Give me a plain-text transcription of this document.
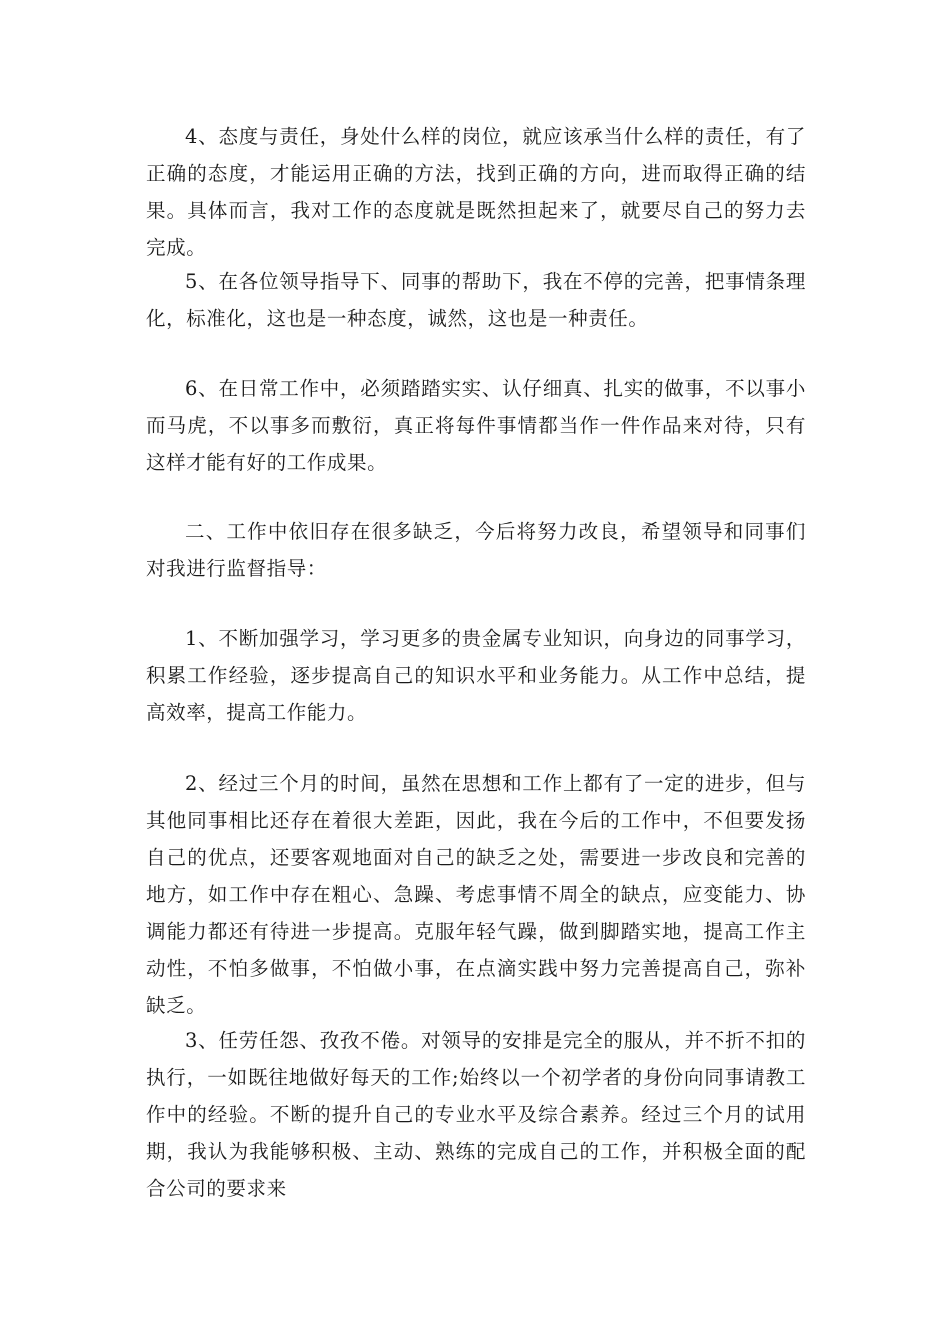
4、态度与责任，身处什么样的岗位，就应该承当什么样的责任，有了正确的态度，才能运用正确的方法，找到正确的方向，进而取得正确的结果。具体而言，我对工作的态度就是既然担起来了，就要尽自己的努力去完成。

5、在各位领导指导下、同事的帮助下，我在不停的完善，把事情条理化，标准化，这也是一种态度，诚然，这也是一种责任。

6、在日常工作中，必须踏踏实实、认仔细真、扎实的做事，不以事小而马虎，不以事多而敷衍，真正将每件事情都当作一件作品来对待，只有这样才能有好的工作成果。

二、工作中依旧存在很多缺乏，今后将努力改良，希望领导和同事们对我进行监督指导：

1、不断加强学习，学习更多的贵金属专业知识，向身边的同事学习，积累工作经验，逐步提高自己的知识水平和业务能力。从工作中总结，提高效率，提高工作能力。

2、经过三个月的时间，虽然在思想和工作上都有了一定的进步，但与其他同事相比还存在着很大差距，因此，我在今后的工作中，不但要发扬自己的优点，还要客观地面对自己的缺乏之处，需要进一步改良和完善的地方，如工作中存在粗心、急躁、考虑事情不周全的缺点，应变能力、协调能力都还有待进一步提高。克服年轻气躁，做到脚踏实地，提高工作主动性，不怕多做事，不怕做小事，在点滴实践中努力完善提高自己，弥补缺乏。

3、任劳任怨、孜孜不倦。对领导的安排是完全的服从，并不折不扣的执行，一如既往地做好每天的工作;始终以一个初学者的身份向同事请教工作中的经验。不断的提升自己的专业水平及综合素养。经过三个月的试用期，我认为我能够积极、主动、熟练的完成自己的工作，并积极全面的配合公司的要求来
